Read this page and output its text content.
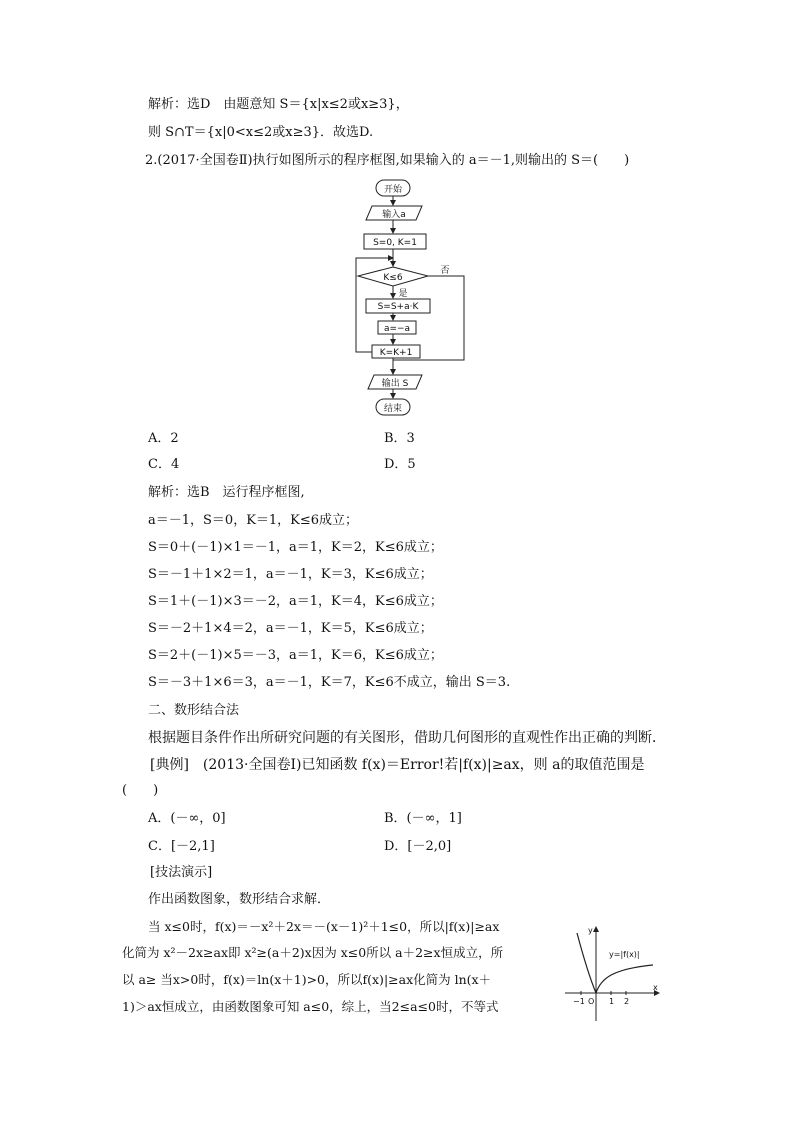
解析：选D　由题意知 S＝{x|x≤2或x≥3}，
则 S∩T＝{x|0<x≤2或x≥3}．故选D.
2.(2017·全国卷Ⅱ)执行如图所示的程序框图,如果输入的 a＝－1,则输出的 S＝(　　)
开始
输入a
S=0, K=1
K≤6
否
是
S=S+a·K
a=−a
K=K+1
输出 S
结束
A．2	B．3
C．4	D．5
解析：选B　运行程序框图,
a＝－1，S＝0，K＝1，K≤6成立；
S＝0＋(－1)×1＝－1，a＝1，K＝2，K≤6成立；
S＝－1＋1×2＝1，a＝－1，K＝3，K≤6成立；
S＝1＋(－1)×3＝－2，a＝1，K＝4，K≤6成立；
S＝－2＋1×4＝2，a＝－1，K＝5，K≤6成立；
S＝2＋(－1)×5＝－3，a＝1，K＝6，K≤6成立；
S＝－3＋1×6＝3，a＝－1，K＝7，K≤6不成立，输出 S＝3.
二、数形结合法
根据题目条件作出所研究问题的有关图形，借助几何图形的直观性作出正确的判断．
[典例]　(2013·全国卷Ⅰ)已知函数 f(x)＝Error!若|f(x)|≥ax，则 a的取值范围是
(　　)
A．(－∞，0]	B．(－∞，1]
C．[－2,1]	D．[－2,0]
[技法演示]
作出函数图象，数形结合求解．
当 x≤0时，f(x)＝－x²＋2x＝－(x－1)²＋1≤0，所以|f(x)|≥ax
化简为 x²－2x≥ax即 x²≥(a＋2)x因为 x≤0所以 a＋2≥x恒成立，所
以 a≥ 当x>0时，f(x)＝ln(x＋1)>0，所以f(x)|≥ax化简为 ln(x＋
1)＞ax恒成立，由函数图象可知 a≤0，综上，当2≤a≤0时，不等式
y
x
y=|f(x)|
−1 O 1 2
